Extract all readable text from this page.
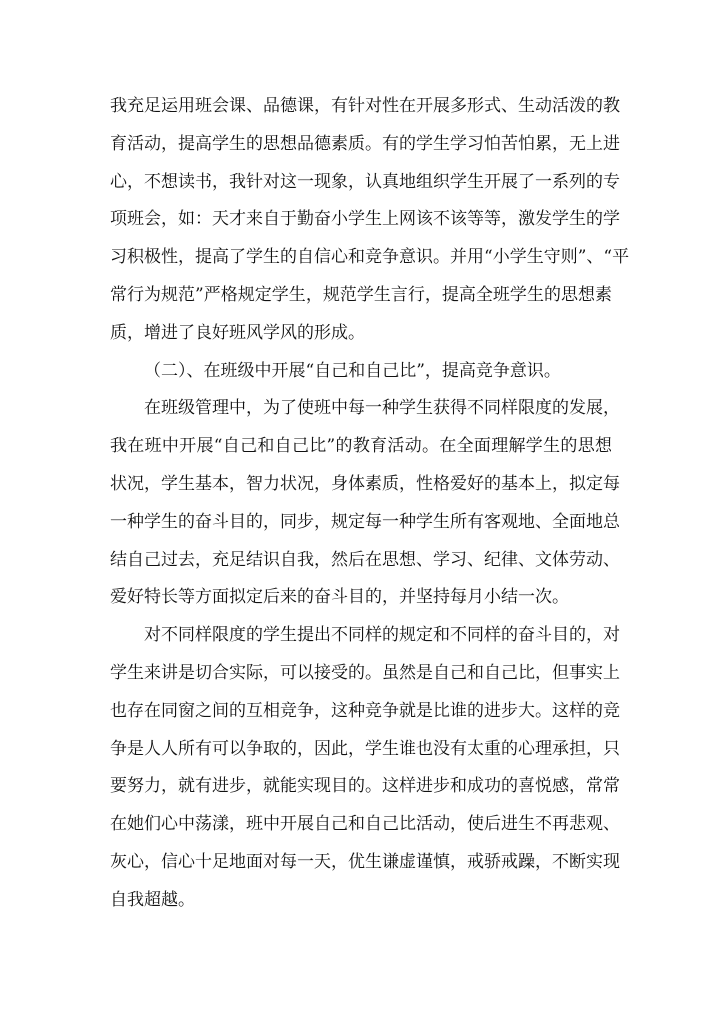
我充足运用班会课、品德课，有针对性在开展多形式、生动活泼的教
育活动，提高学生的思想品德素质。有的学生学习怕苦怕累，无上进
心，不想读书，我针对这一现象，认真地组织学生开展了一系列的专
项班会，如：天才来自于勤奋小学生上网该不该等等，激发学生的学
习积极性，提高了学生的自信心和竞争意识。并用“小学生守则”、“平
常行为规范”严格规定学生，规范学生言行，提高全班学生的思想素
质，增进了良好班风学风的形成。
（二）、在班级中开展“自己和自己比”，提高竞争意识。
在班级管理中，为了使班中每一种学生获得不同样限度的发展，
我在班中开展“自己和自己比”的教育活动。在全面理解学生的思想
状况，学生基本，智力状况，身体素质，性格爱好的基本上，拟定每
一种学生的奋斗目的，同步，规定每一种学生所有客观地、全面地总
结自己过去，充足结识自我，然后在思想、学习、纪律、文体劳动、
爱好特长等方面拟定后来的奋斗目的，并坚持每月小结一次。
对不同样限度的学生提出不同样的规定和不同样的奋斗目的，对
学生来讲是切合实际，可以接受的。虽然是自己和自己比，但事实上
也存在同窗之间的互相竞争，这种竞争就是比谁的进步大。这样的竞
争是人人所有可以争取的，因此，学生谁也没有太重的心理承担，只
要努力，就有进步，就能实现目的。这样进步和成功的喜悦感，常常
在她们心中荡漾，班中开展自己和自己比活动，使后进生不再悲观、
灰心，信心十足地面对每一天，优生谦虚谨慎，戒骄戒躁，不断实现
自我超越。
